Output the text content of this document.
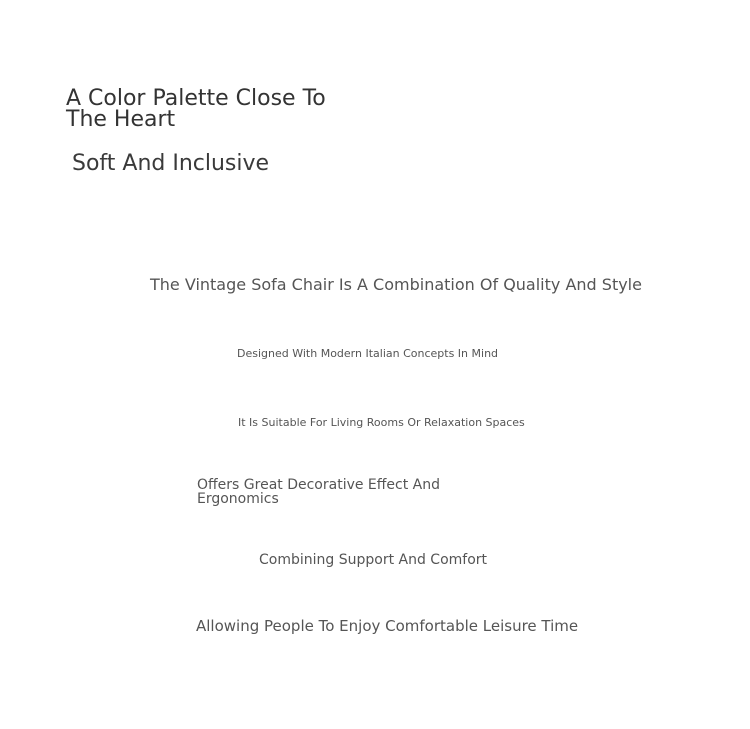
A Color Palette Close To The Heart
Soft And Inclusive

The Vintage Sofa Chair Is A Combination Of Quality And Style

Designed With Modern Italian Concepts In Mind

It Is Suitable For Living Rooms Or Relaxation Spaces

Offers Great Decorative Effect And Ergonomics

Combining Support And Comfort

Allowing People To Enjoy Comfortable Leisure Time
